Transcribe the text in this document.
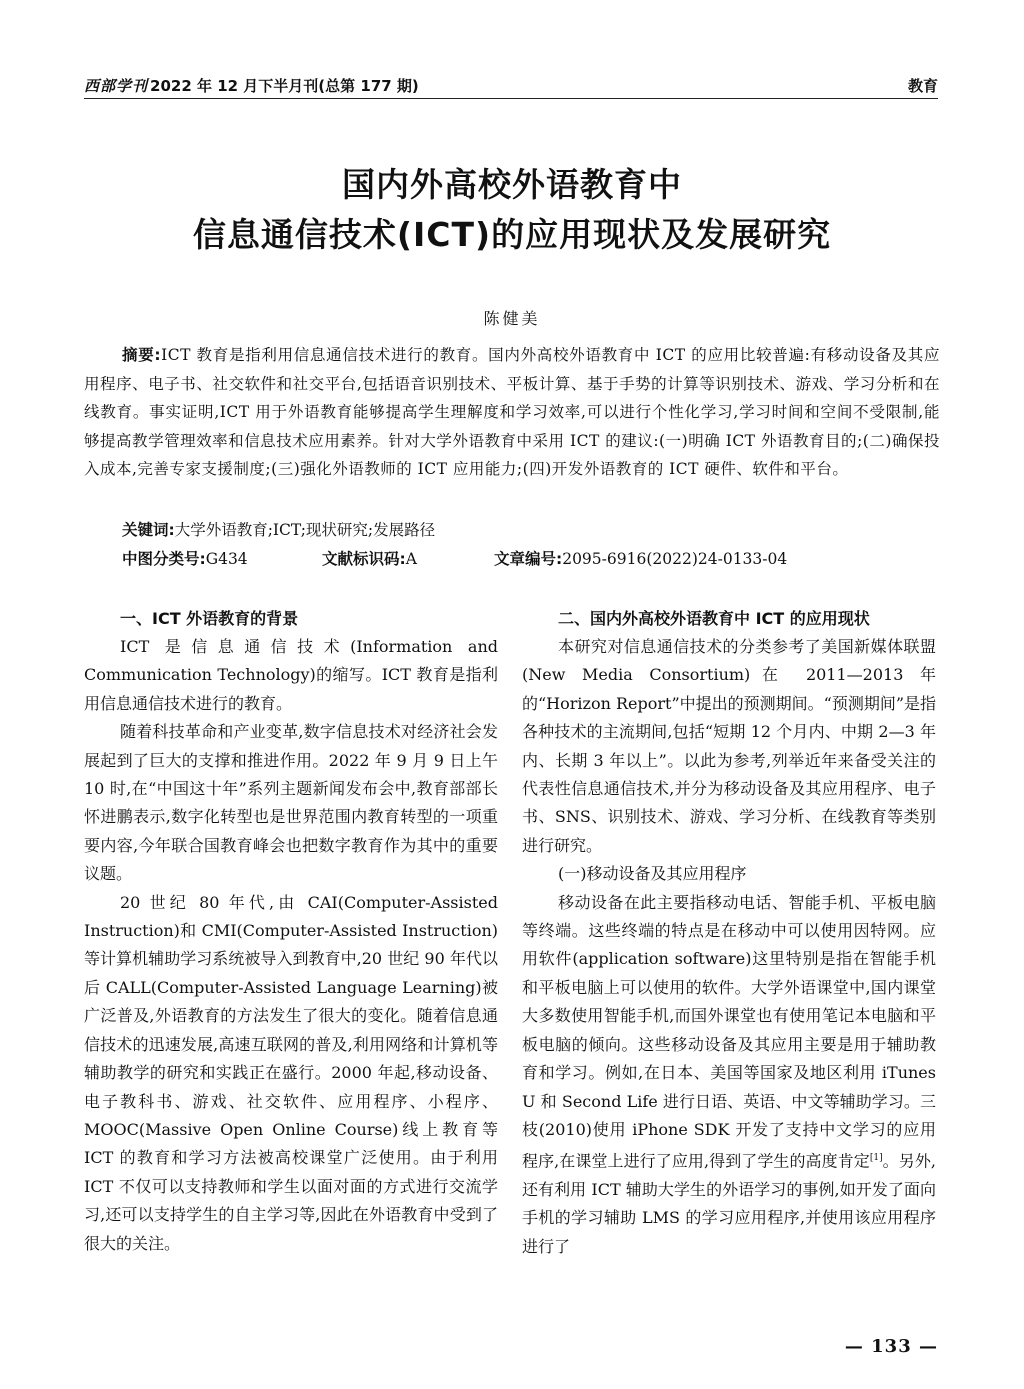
西部学刊 2022 年 12 月下半月刊(总第 177 期)	教育
国内外高校外语教育中
信息通信技术(ICT)的应用现状及发展研究
陈健美

摘要:ICT 教育是指利用信息通信技术进行的教育。国内外高校外语教育中 ICT 的应用比较普遍:有移动设备及其应用程序、电子书、社交软件和社交平台,包括语音识别技术、平板计算、基于手势的计算等识别技术、游戏、学习分析和在线教育。事实证明,ICT 用于外语教育能够提高学生理解度和学习效率,可以进行个性化学习,学习时间和空间不受限制,能够提高教学管理效率和信息技术应用素养。针对大学外语教育中采用 ICT 的建议:(一)明确 ICT 外语教育目的;(二)确保投入成本,完善专家支援制度;(三)强化外语教师的 ICT 应用能力;(四)开发外语教育的 ICT 硬件、软件和平台。

关键词:大学外语教育;ICT;现状研究;发展路径
中图分类号:G434	文献标识码:A	文章编号:2095-6916(2022)24-0133-04
一、ICT 外语教育的背景

ICT 是信息通信技术(Information and Communication Technology)的缩写。ICT 教育是指利用信息通信技术进行的教育。

随着科技革命和产业变革,数字信息技术对经济社会发展起到了巨大的支撑和推进作用。2022 年 9 月 9 日上午 10 时,在“中国这十年”系列主题新闻发布会中,教育部部长怀进鹏表示,数字化转型也是世界范围内教育转型的一项重要内容,今年联合国教育峰会也把数字教育作为其中的重要议题。

20 世纪 80 年代,由 CAI(Computer-Assisted Instruction)和 CMI(Computer-Assisted Instruction)等计算机辅助学习系统被导入到教育中,20 世纪 90 年代以后 CALL(Computer-Assisted Language Learning)被广泛普及,外语教育的方法发生了很大的变化。随着信息通信技术的迅速发展,高速互联网的普及,利用网络和计算机等辅助教学的研究和实践正在盛行。2000 年起,移动设备、电子教科书、游戏、社交软件、应用程序、小程序、MOOC(Massive Open Online Course)线上教育等 ICT 的教育和学习方法被高校课堂广泛使用。由于利用 ICT 不仅可以支持教师和学生以面对面的方式进行交流学习,还可以支持学生的自主学习等,因此在外语教育中受到了很大的关注。

二、国内外高校外语教育中 ICT 的应用现状

本研究对信息通信技术的分类参考了美国新媒体联盟(New Media Consortium)在 2011—2013 年的“Horizon Report”中提出的预测期间。“预测期间”是指各种技术的主流期间,包括“短期 12 个月内、中期 2—3 年内、长期 3 年以上”。以此为参考,列举近年来备受关注的代表性信息通信技术,并分为移动设备及其应用程序、电子书、SNS、识别技术、游戏、学习分析、在线教育等类别进行研究。

(一)移动设备及其应用程序

移动设备在此主要指移动电话、智能手机、平板电脑等终端。这些终端的特点是在移动中可以使用因特网。应用软件(application software)这里特别是指在智能手机和平板电脑上可以使用的软件。大学外语课堂中,国内课堂大多数使用智能手机,而国外课堂也有使用笔记本电脑和平板电脑的倾向。这些移动设备及其应用主要是用于辅助教育和学习。例如,在日本、美国等国家及地区利用 iTunes U 和 Second Life 进行日语、英语、中文等辅助学习。三枝(2010)使用 iPhone SDK 开发了支持中文学习的应用程序,在课堂上进行了应用,得到了学生的高度肯定[1]。另外,还有利用 ICT 辅助大学生的外语学习的事例,如开发了面向手机的学习辅助 LMS 的学习应用程序,并使用该应用程序进行了

— 133 —
